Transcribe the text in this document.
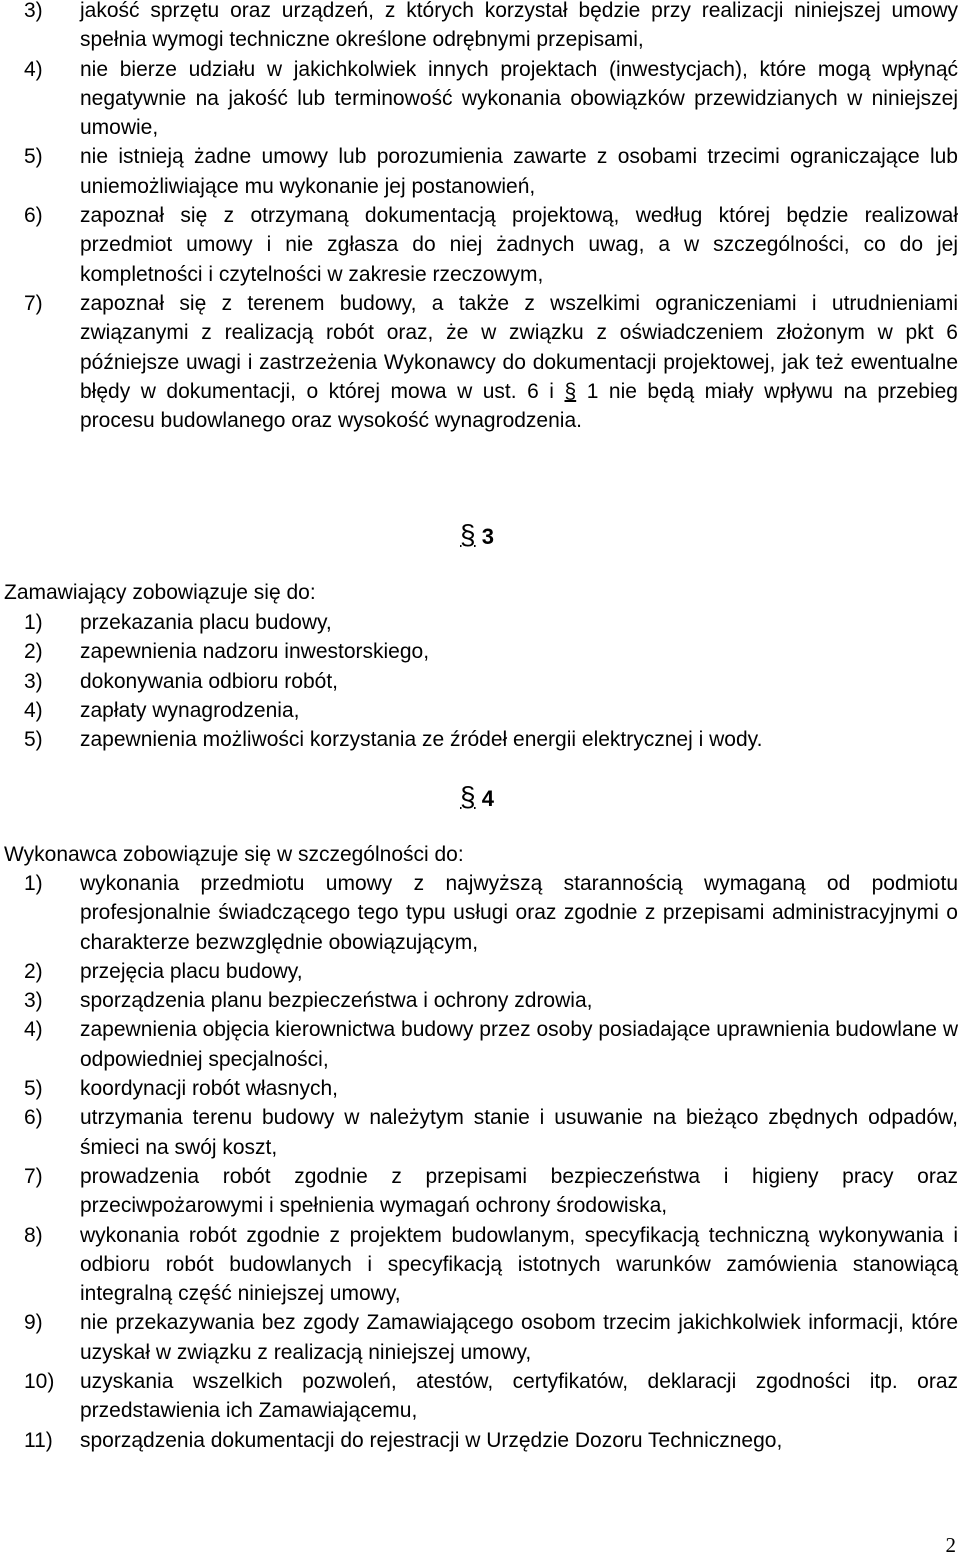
3) jakość sprzętu oraz urządzeń, z których korzystał będzie przy realizacji niniejszej umowy spełnia wymogi techniczne określone odrębnymi przepisami,
4) nie bierze udziału w jakichkolwiek innych projektach (inwestycjach), które mogą wpłynąć negatywnie na jakość lub terminowość wykonania obowiązków przewidzianych w niniejszej umowie,
5) nie istnieją żadne umowy lub porozumienia zawarte z osobami trzecimi ograniczające lub uniemożliwiające mu wykonanie jej postanowień,
6) zapoznał się z otrzymaną dokumentacją projektową, według której będzie realizował przedmiot umowy i nie zgłasza do niej żadnych uwag, a w szczególności, co do jej kompletności i czytelności w zakresie rzeczowym,
7) zapoznał się z terenem budowy, a także z wszelkimi ograniczeniami i utrudnieniami związanymi z realizacją robót oraz, że w związku z oświadczeniem złożonym w pkt 6 późniejsze uwagi i zastrzeżenia Wykonawcy do dokumentacji projektowej, jak też ewentualne błędy w dokumentacji, o której mowa w ust. 6 i § 1 nie będą miały wpływu na przebieg procesu budowlanego oraz wysokość wynagrodzenia.
§ 3
Zamawiający zobowiązuje się do:
1) przekazania placu budowy,
2) zapewnienia nadzoru inwestorskiego,
3) dokonywania odbioru robót,
4) zapłaty wynagrodzenia,
5) zapewnienia możliwości korzystania ze źródeł energii elektrycznej i wody.
§ 4
Wykonawca zobowiązuje się w szczególności do:
1) wykonania przedmiotu umowy z najwyższą starannością wymaganą od podmiotu profesjonalnie świadczącego tego typu usługi oraz zgodnie z przepisami administracyjnymi o charakterze bezwzględnie obowiązującym,
2) przejęcia placu budowy,
3) sporządzenia planu bezpieczeństwa i ochrony zdrowia,
4) zapewnienia objęcia kierownictwa budowy przez osoby posiadające uprawnienia budowlane w odpowiedniej specjalności,
5) koordynacji robót własnych,
6) utrzymania terenu budowy w należytym stanie i usuwanie na bieżąco zbędnych odpadów, śmieci na swój koszt,
7) prowadzenia robót zgodnie z przepisami bezpieczeństwa i higieny pracy oraz przeciwpożarowymi i spełnienia wymagań ochrony środowiska,
8) wykonania robót zgodnie z projektem budowlanym, specyfikacją techniczną wykonywania i odbioru robót budowlanych i specyfikacją istotnych warunków zamówienia stanowiącą integralną część niniejszej umowy,
9) nie przekazywania bez zgody Zamawiającego osobom trzecim jakichkolwiek informacji, które uzyskał w związku z realizacją niniejszej umowy,
10) uzyskania wszelkich pozwoleń, atestów, certyfikatów, deklaracji zgodności itp. oraz przedstawienia ich Zamawiającemu,
11) sporządzenia dokumentacji do rejestracji w Urzędzie Dozoru Technicznego,
2
